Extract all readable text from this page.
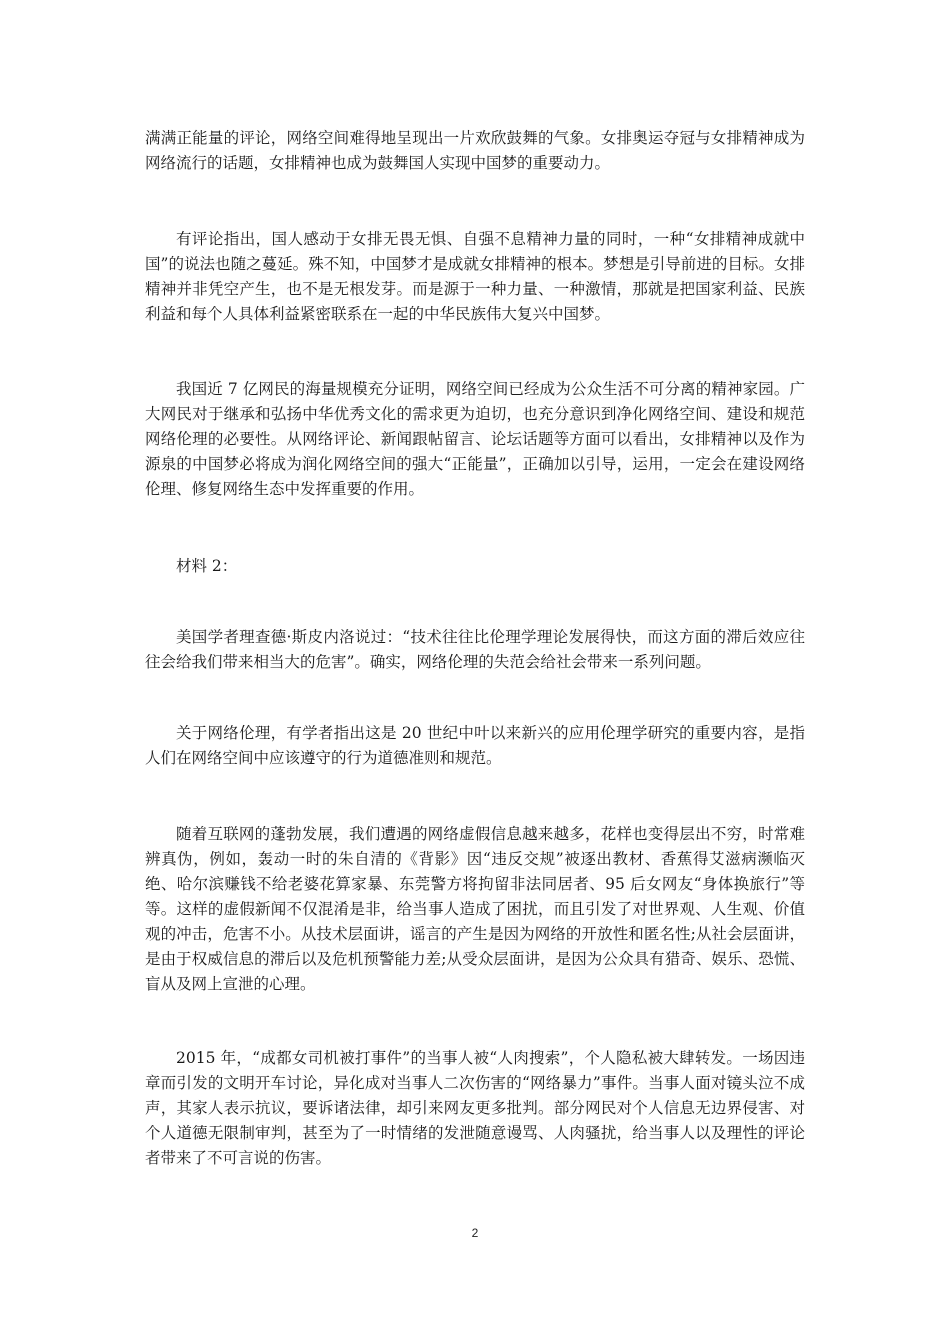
满满正能量的评论，网络空间难得地呈现出一片欢欣鼓舞的气象。女排奥运夺冠与女排精神成为网络流行的话题，女排精神也成为鼓舞国人实现中国梦的重要动力。

有评论指出，国人感动于女排无畏无惧、自强不息精神力量的同时，一种“女排精神成就中国”的说法也随之蔓延。殊不知，中国梦才是成就女排精神的根本。梦想是引导前进的目标。女排精神并非凭空产生，也不是无根发芽。而是源于一种力量、一种激情，那就是把国家利益、民族利益和每个人具体利益紧密联系在一起的中华民族伟大复兴中国梦。

我国近 7 亿网民的海量规模充分证明，网络空间已经成为公众生活不可分离的精神家园。广大网民对于继承和弘扬中华优秀文化的需求更为迫切，也充分意识到净化网络空间、建设和规范网络伦理的必要性。从网络评论、新闻跟帖留言、论坛话题等方面可以看出，女排精神以及作为源泉的中国梦必将成为润化网络空间的强大“正能量”，正确加以引导，运用，一定会在建设网络伦理、修复网络生态中发挥重要的作用。

材料 2：

美国学者理查德·斯皮内洛说过：“技术往往比伦理学理论发展得快，而这方面的滞后效应往往会给我们带来相当大的危害”。确实，网络伦理的失范会给社会带来一系列问题。

关于网络伦理，有学者指出这是 20 世纪中叶以来新兴的应用伦理学研究的重要内容，是指人们在网络空间中应该遵守的行为道德准则和规范。

随着互联网的蓬勃发展，我们遭遇的网络虚假信息越来越多，花样也变得层出不穷，时常难辨真伪，例如，轰动一时的朱自清的《背影》因“违反交规”被逐出教材、香蕉得艾滋病濒临灭绝、哈尔滨赚钱不给老婆花算家暴、东莞警方将拘留非法同居者、95 后女网友“身体换旅行”等等。这样的虚假新闻不仅混淆是非，给当事人造成了困扰，而且引发了对世界观、人生观、价值观的冲击，危害不小。从技术层面讲，谣言的产生是因为网络的开放性和匿名性;从社会层面讲，是由于权威信息的滞后以及危机预警能力差;从受众层面讲，是因为公众具有猎奇、娱乐、恐慌、盲从及网上宣泄的心理。

2015 年，“成都女司机被打事件”的当事人被“人肉搜索”，个人隐私被大肆转发。一场因违章而引发的文明开车讨论，异化成对当事人二次伤害的“网络暴力”事件。当事人面对镜头泣不成声，其家人表示抗议，要诉诸法律，却引来网友更多批判。部分网民对个人信息无边界侵害、对个人道德无限制审判，甚至为了一时情绪的发泄随意谩骂、人肉骚扰，给当事人以及理性的评论者带来了不可言说的伤害。

2
